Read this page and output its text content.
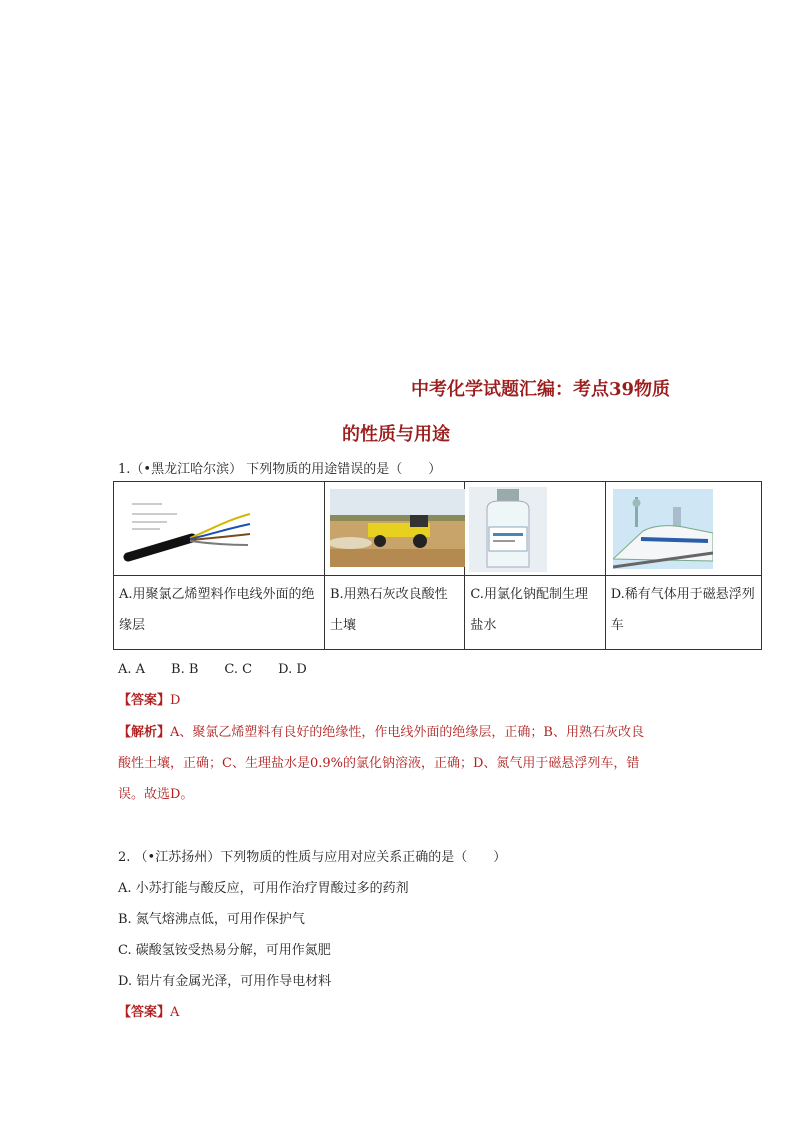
中考化学试题汇编：考点39物质
的性质与用途
1.（•黑龙江哈尔滨） 下列物质的用途错误的是（　　）

A.用聚氯乙烯塑料作电线外面的绝缘层	B.用熟石灰改良酸性土壤	C.用氯化钠配制生理盐水	D.稀有气体用于磁悬浮列车
A. A　　B. B　　C. C　　D. D
【答案】D
【解析】A、聚氯乙烯塑料有良好的绝缘性，作电线外面的绝缘层，正确；B、用熟石灰改良
酸性土壤，正确；C、生理盐水是0.9%的氯化钠溶液，正确；D、氮气用于磁悬浮列车，错
误。故选D。
2. （•江苏扬州）下列物质的性质与应用对应关系正确的是（　　）
A. 小苏打能与酸反应，可用作治疗胃酸过多的药剂
B. 氮气熔沸点低，可用作保护气
C. 碳酸氢铵受热易分解，可用作氮肥
D. 铝片有金属光泽，可用作导电材料
【答案】A
